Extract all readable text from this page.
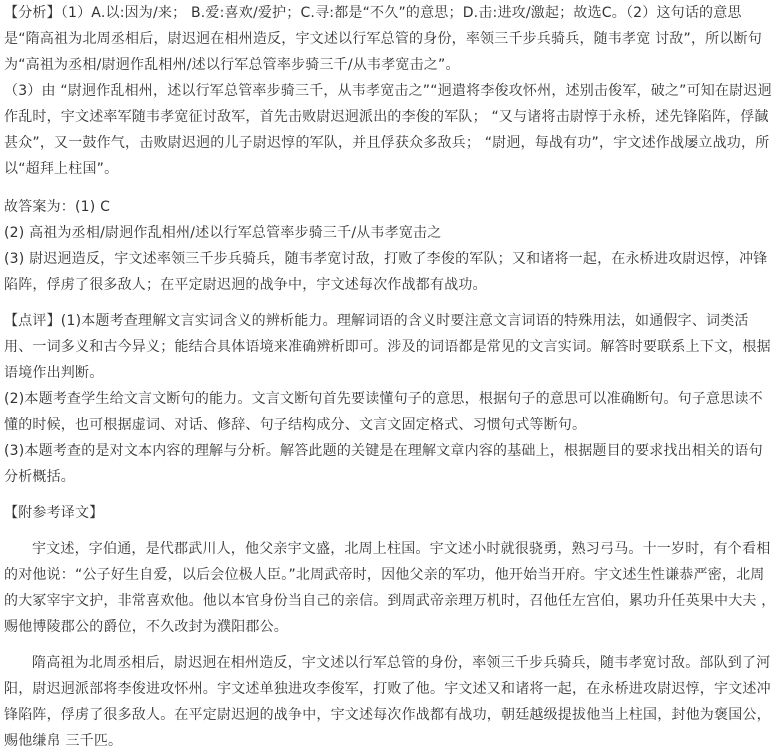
【分析】（1）A.以:因为/来； B.爱:喜欢/爱护；C.寻:都是“不久”的意思；D.击:进攻/激起；故选C。（2）这句话的意思是“隋高祖为北周丞相后，尉迟迥在相州造反，宇文述以行军总管的身份，率领三千步兵骑兵，随韦孝宽 讨敌”，所以断句为“高祖为丞相/尉迥作乱相州/述以行军总管率步骑三千/从韦孝宽击之”。

（3）由 “尉迥作乱相州，述以行军总管率步骑三千，从韦孝宽击之”“迥遣将李俊攻怀州，述别击俊军，破之”可知在尉迟迥作乱时，宇文述率军随韦孝宽征讨敌军，首先击败尉迟迥派出的李俊的军队； “又与诸将击尉惇于永桥，述先锋陷阵，俘馘甚众”，又一鼓作气，击败尉迟迥的儿子尉迟惇的军队，并且俘获众多敌兵； “尉迥，每战有功”，宇文述作战屡立战功，所以“超拜上柱国”。

故答案为：(1) C

(2) 高祖为丞相/尉迥作乱相州/述以行军总管率步骑三千/从韦孝宽击之

(3) 尉迟迥造反，宇文述率领三千步兵骑兵，随韦孝宽讨敌，打败了李俊的军队；又和诸将一起，在永桥进攻尉迟惇，冲锋陷阵，俘虏了很多敌人；在平定尉迟迥的战争中，宇文述每次作战都有战功。

【点评】(1)本题考查理解文言实词含义的辨析能力。理解词语的含义时要注意文言词语的特殊用法，如通假字、词类活用、一词多义和古今异义；能结合具体语境来准确辨析即可。涉及的词语都是常见的文言实词。解答时要联系上下文，根据语境作出判断。

(2)本题考查学生给文言文断句的能力。文言文断句首先要读懂句子的意思，根据句子的意思可以准确断句。句子意思读不懂的时候，也可根据虚词、对话、修辞、句子结构成分、文言文固定格式、习惯句式等断句。

(3)本题考查的是对文本内容的理解与分析。解答此题的关键是在理解文章内容的基础上，根据题目的要求找出相关的语句分析概括。

【附参考译文】

宇文述，字伯通，是代郡武川人，他父亲宇文盛，北周上柱国。宇文述小时就很骁勇，熟习弓马。十一岁时，有个看相的对他说：“公子好生自爱，以后会位极人臣。”北周武帝时，因他父亲的军功，他开始当开府。宇文述生性谦恭严密，北周的大冢宰宇文护，非常喜欢他。他以本官身份当自己的亲信。到周武帝亲理万机时，召他任左宫伯，累功升任英果中大夫 ，赐他博陵郡公的爵位，不久改封为濮阳郡公。

隋高祖为北周丞相后，尉迟迥在相州造反，宇文述以行军总管的身份，率领三千步兵骑兵，随韦孝宽讨敌。部队到了河阳，尉迟迥派部将李俊进攻怀州。宇文述单独进攻李俊军，打败了他。宇文述又和诸将一起，在永桥进攻尉迟惇，宇文述冲锋陷阵，俘虏了很多敌人。在平定尉迟迥的战争中，宇文述每次作战都有战功，朝廷越级提拔他当上柱国，封他为褒国公，赐他缣帛 三千匹。
